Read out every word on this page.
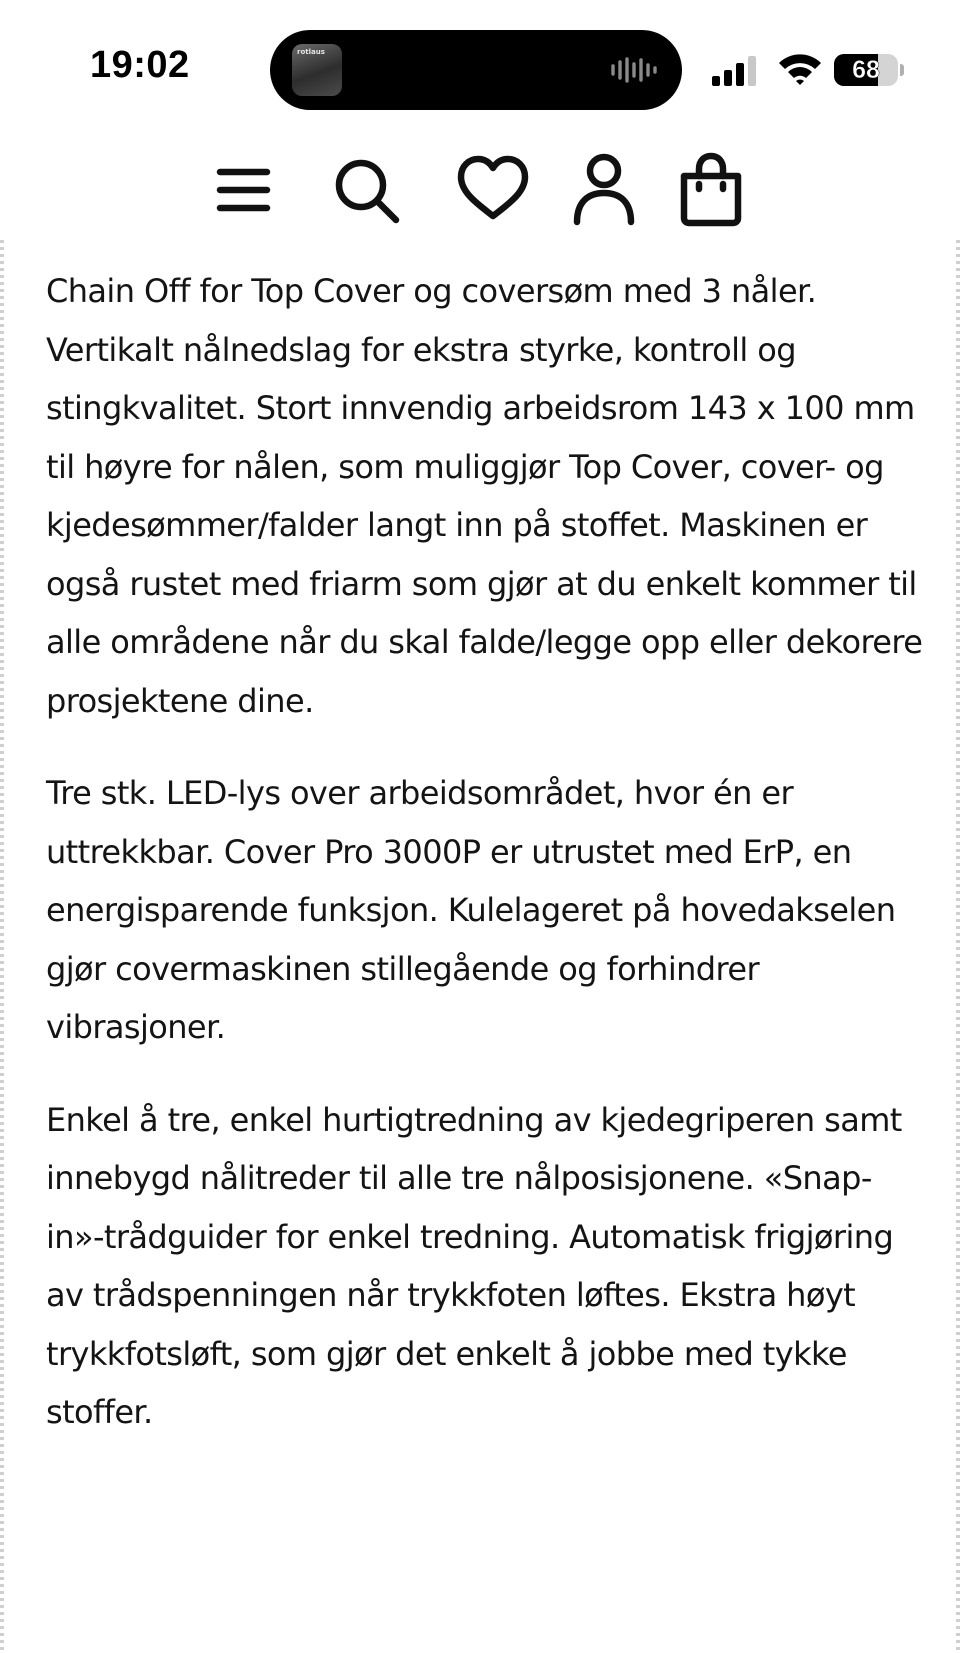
19:02	rotlaus
68

Chain Off for Top Cover og coversøm med 3 nåler. Vertikalt nålnedslag for ekstra styrke, kontroll og stingkvalitet. Stort innvendig arbeidsrom 143 x 100 mm til høyre for nålen, som muliggjør Top Cover, cover- og kjedesømmer/falder langt inn på stoffet. Maskinen er også rustet med friarm som gjør at du enkelt kommer til alle områdene når du skal falde/legge opp eller dekorere prosjektene dine.

Tre stk. LED-lys over arbeidsområdet, hvor én er uttrekkbar. Cover Pro 3000P er utrustet med ErP, en energisparende funksjon. Kulelageret på hovedakselen gjør covermaskinen stillegående og forhindrer vibrasjoner.

Enkel å tre, enkel hurtigtredning av kjedegriperen samt innebygd nålitreder til alle tre nålposisjonene. «Snap-in»-trådguider for enkel tredning. Automatisk frigjøring av trådspenningen når trykkfoten løftes. Ekstra høyt trykkfotsløft, som gjør det enkelt å jobbe med tykke stoffer.
